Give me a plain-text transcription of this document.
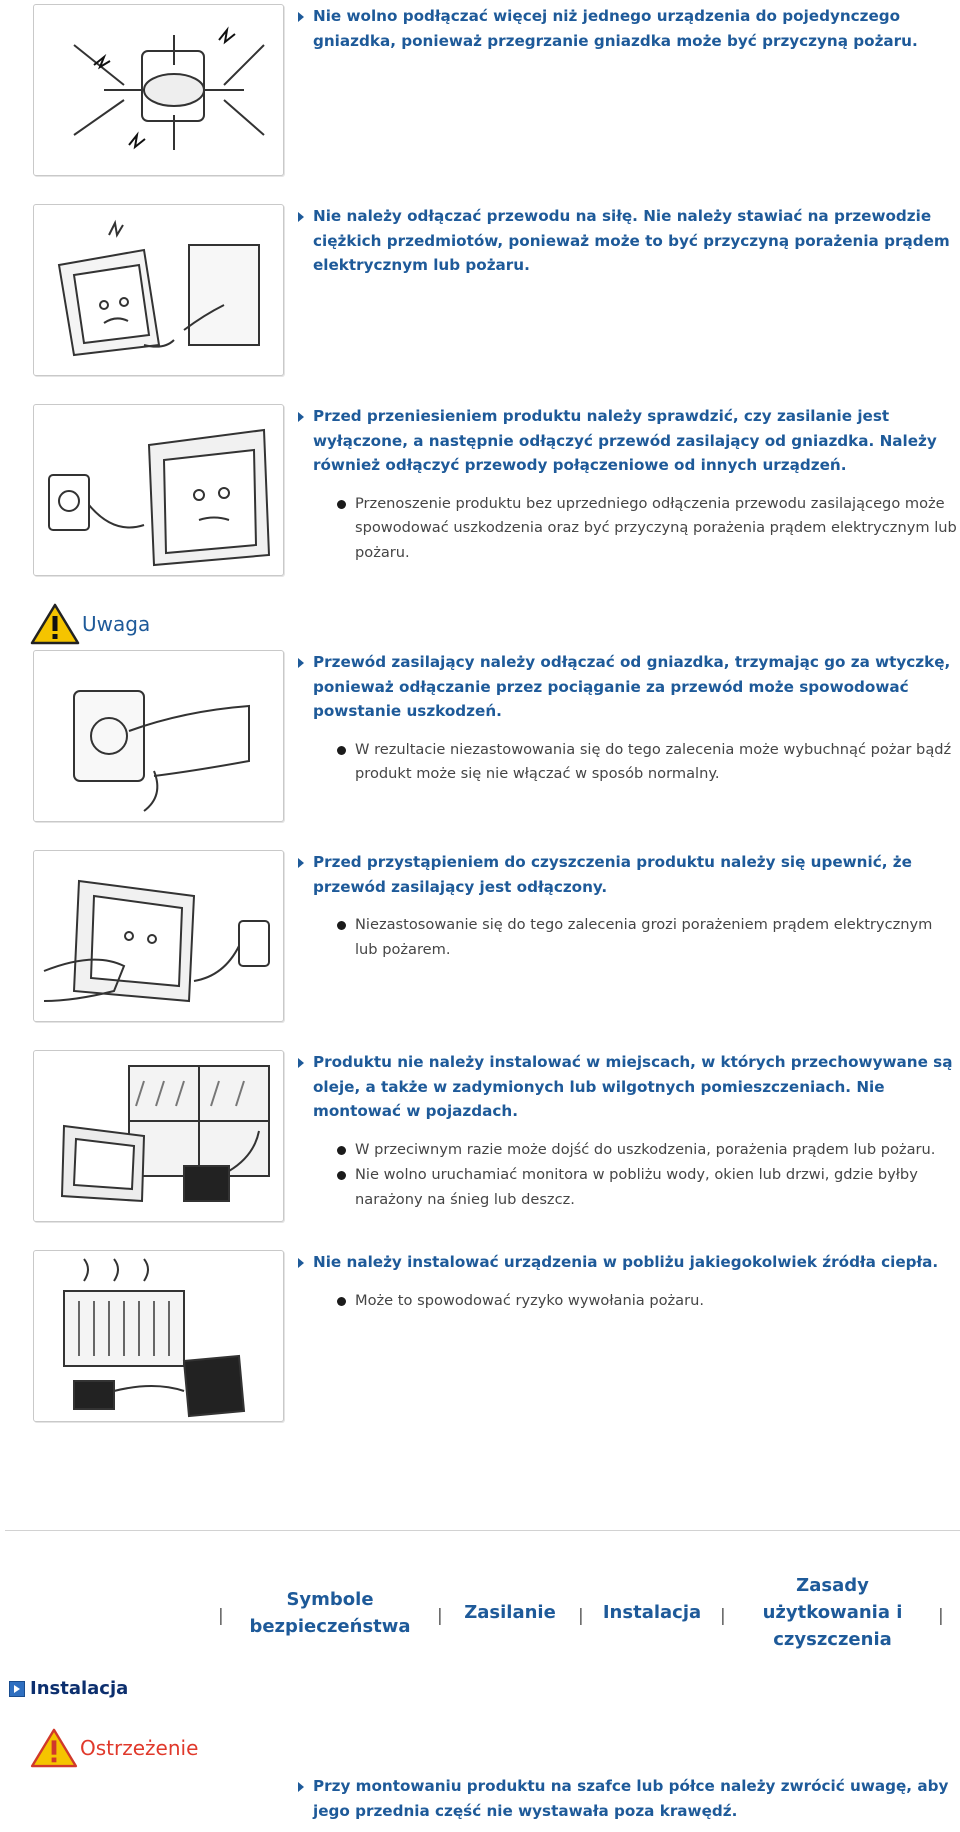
Nie wolno podłączać więcej niż jednego urządzenia do pojedynczego gniazdka, ponieważ przegrzanie gniazdka może być przyczyną pożaru.
Nie należy odłączać przewodu na siłę. Nie należy stawiać na przewodzie ciężkich przedmiotów, ponieważ może to być przyczyną porażenia prądem elektrycznym lub pożaru.
Przed przeniesieniem produktu należy sprawdzić, czy zasilanie jest wyłączone, a następnie odłączyć przewód zasilający od gniazdka. Należy również odłączyć przewody połączeniowe od innych urządzeń.
Przenoszenie produktu bez uprzedniego odłączenia przewodu zasilającego może spowodować uszkodzenia oraz być przyczyną porażenia prądem elektrycznym lub pożaru.
Uwaga
Przewód zasilający należy odłączać od gniazdka, trzymając go za wtyczkę, ponieważ odłączanie przez pociąganie za przewód może spowodować powstanie uszkodzeń.
W rezultacie niezastowowania się do tego zalecenia może wybuchnąć pożar bądź produkt może się nie włączać w sposób normalny.
Przed przystąpieniem do czyszczenia produktu należy się upewnić, że przewód zasilający jest odłączony.
Niezastosowanie się do tego zalecenia grozi porażeniem prądem elektrycznym lub pożarem.
Produktu nie należy instalować w miejscach, w których przechowywane są oleje, a także w zadymionych lub wilgotnych pomieszczeniach. Nie montować w pojazdach.
W przeciwnym razie może dojść do uszkodzenia, porażenia prądem lub pożaru.
Nie wolno uruchamiać monitora w pobliżu wody, okien lub drzwi, gdzie byłby narażony na śnieg lub deszcz.
Nie należy instalować urządzenia w pobliżu jakiegokolwiek źródła ciepła.
Może to spowodować ryzyko wywołania pożaru.
|
Symbole bezpieczeństwa	|	Zasilanie	|	Instalacja	|
Zasady użytkowania i czyszczenia
|
Instalacja
Ostrzeżenie
Przy montowaniu produktu na szafce lub półce należy zwrócić uwagę, aby jego przednia część nie wystawała poza krawędź.
